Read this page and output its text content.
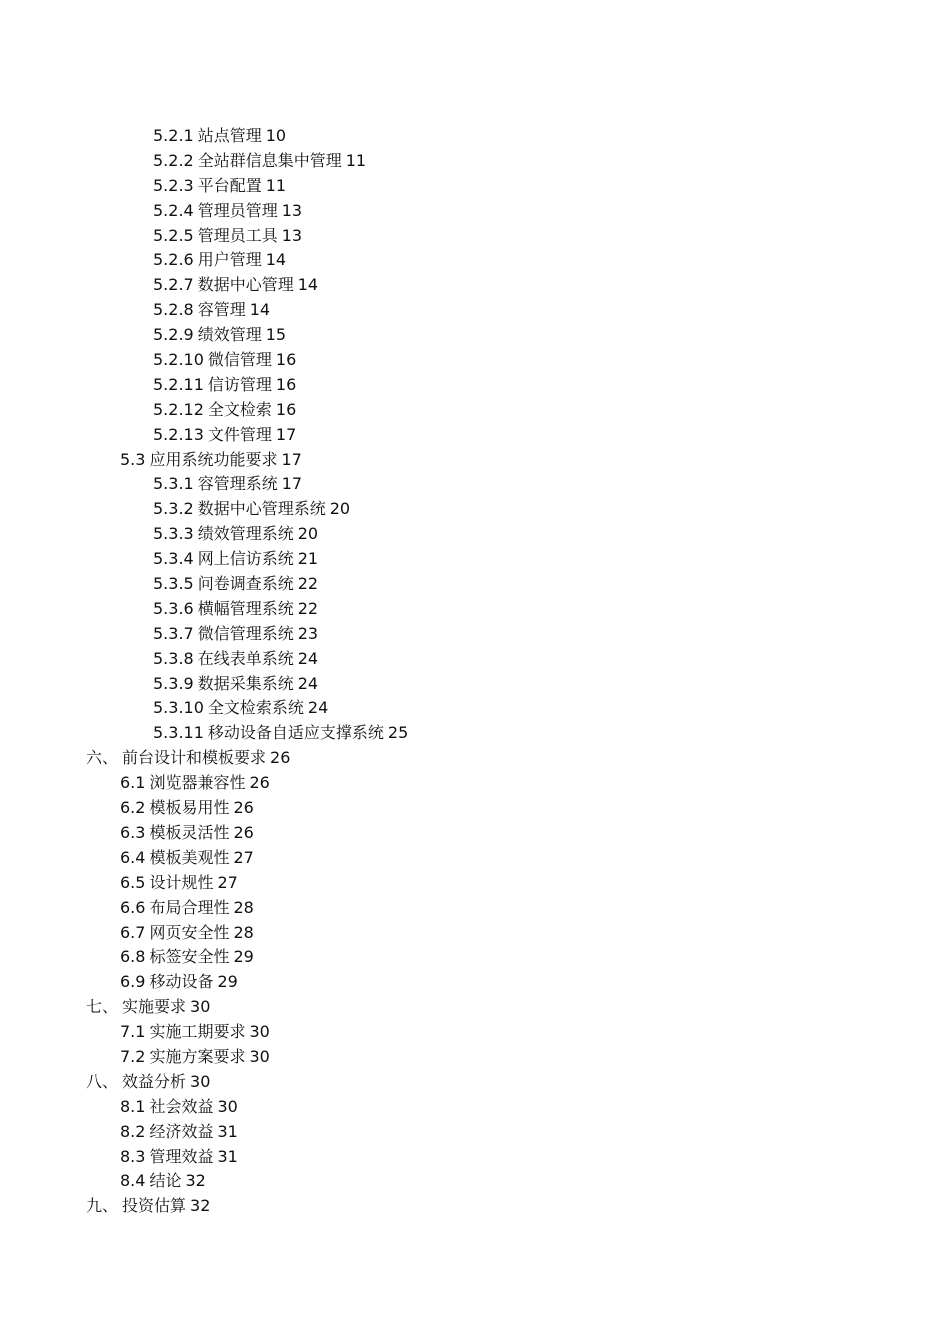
5.2.1 站点管理 10
5.2.2 全站群信息集中管理 11
5.2.3 平台配置 11
5.2.4 管理员管理 13
5.2.5 管理员工具 13
5.2.6 用户管理 14
5.2.7 数据中心管理 14
5.2.8 容管理 14
5.2.9 绩效管理 15
5.2.10 微信管理 16
5.2.11 信访管理 16
5.2.12 全文检索 16
5.2.13 文件管理 17
5.3 应用系统功能要求 17
5.3.1 容管理系统 17
5.3.2 数据中心管理系统 20
5.3.3 绩效管理系统 20
5.3.4 网上信访系统 21
5.3.5 问卷调查系统 22
5.3.6 横幅管理系统 22
5.3.7 微信管理系统 23
5.3.8 在线表单系统 24
5.3.9 数据采集系统 24
5.3.10 全文检索系统 24
5.3.11 移动设备自适应支撑系统 25
六、 前台设计和模板要求 26
6.1 浏览器兼容性 26
6.2 模板易用性 26
6.3 模板灵活性 26
6.4 模板美观性 27
6.5 设计规性 27
6.6 布局合理性 28
6.7 网页安全性 28
6.8 标签安全性 29
6.9 移动设备 29
七、 实施要求 30
7.1 实施工期要求 30
7.2 实施方案要求 30
八、 效益分析 30
8.1 社会效益 30
8.2 经济效益 31
8.3 管理效益 31
8.4 结论 32
九、 投资估算 32
